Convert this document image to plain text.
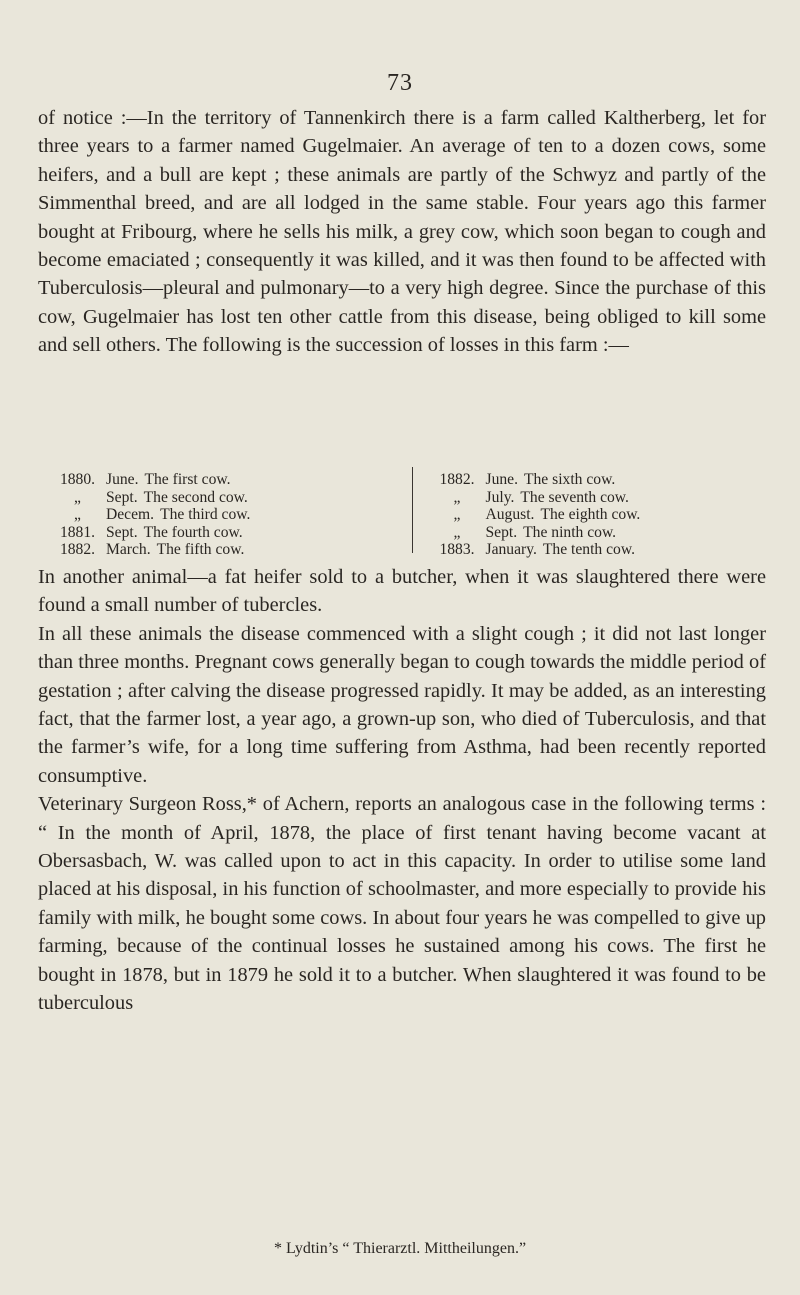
73

of notice :—In the territory of Tannenkirch there is a farm called Kaltherberg, let for three years to a farmer named Gugelmaier. An average of ten to a dozen cows, some heifers, and a bull are kept ; these animals are partly of the Schwyz and partly of the Simmenthal breed, and are all lodged in the same stable. Four years ago this farmer bought at Fribourg, where he sells his milk, a grey cow, which soon began to cough and become emaciated ; consequently it was killed, and it was then found to be affected with Tuberculosis—pleural and pulmonary—to a very high degree. Since the purchase of this cow, Gugelmaier has lost ten other cattle from this disease, being obliged to kill some and sell others. The following is the succession of losses in this farm :—

1880. June. The first cow.
„	Sept. The second cow.
„	Decem. The third cow.
1881. Sept. The fourth cow.
1882. March. The fifth cow.
1882. June. The sixth cow.
„	July. The seventh cow.
„	August. The eighth cow.
„	Sept. The ninth cow.
1883. January. The tenth cow.

In another animal—a fat heifer sold to a butcher, when it was slaughtered there were found a small number of tubercles.

In all these animals the disease commenced with a slight cough ; it did not last longer than three months. Pregnant cows generally began to cough towards the middle period of gestation ; after calving the disease progressed rapidly. It may be added, as an interesting fact, that the farmer lost, a year ago, a grown-up son, who died of Tuberculosis, and that the farmer’s wife, for a long time suffering from Asthma, had been recently reported consumptive.

Veterinary Surgeon Ross,* of Achern, reports an analogous case in the following terms : “ In the month of April, 1878, the place of first tenant having become vacant at Obersasbach, W. was called upon to act in this capacity. In order to utilise some land placed at his disposal, in his function of schoolmaster, and more especially to provide his family with milk, he bought some cows. In about four years he was compelled to give up farming, because of the continual losses he sustained among his cows. The first he bought in 1878, but in 1879 he sold it to a butcher. When slaughtered it was found to be tuberculous

* Lydtin’s “ Thierarztl. Mittheilungen.”
